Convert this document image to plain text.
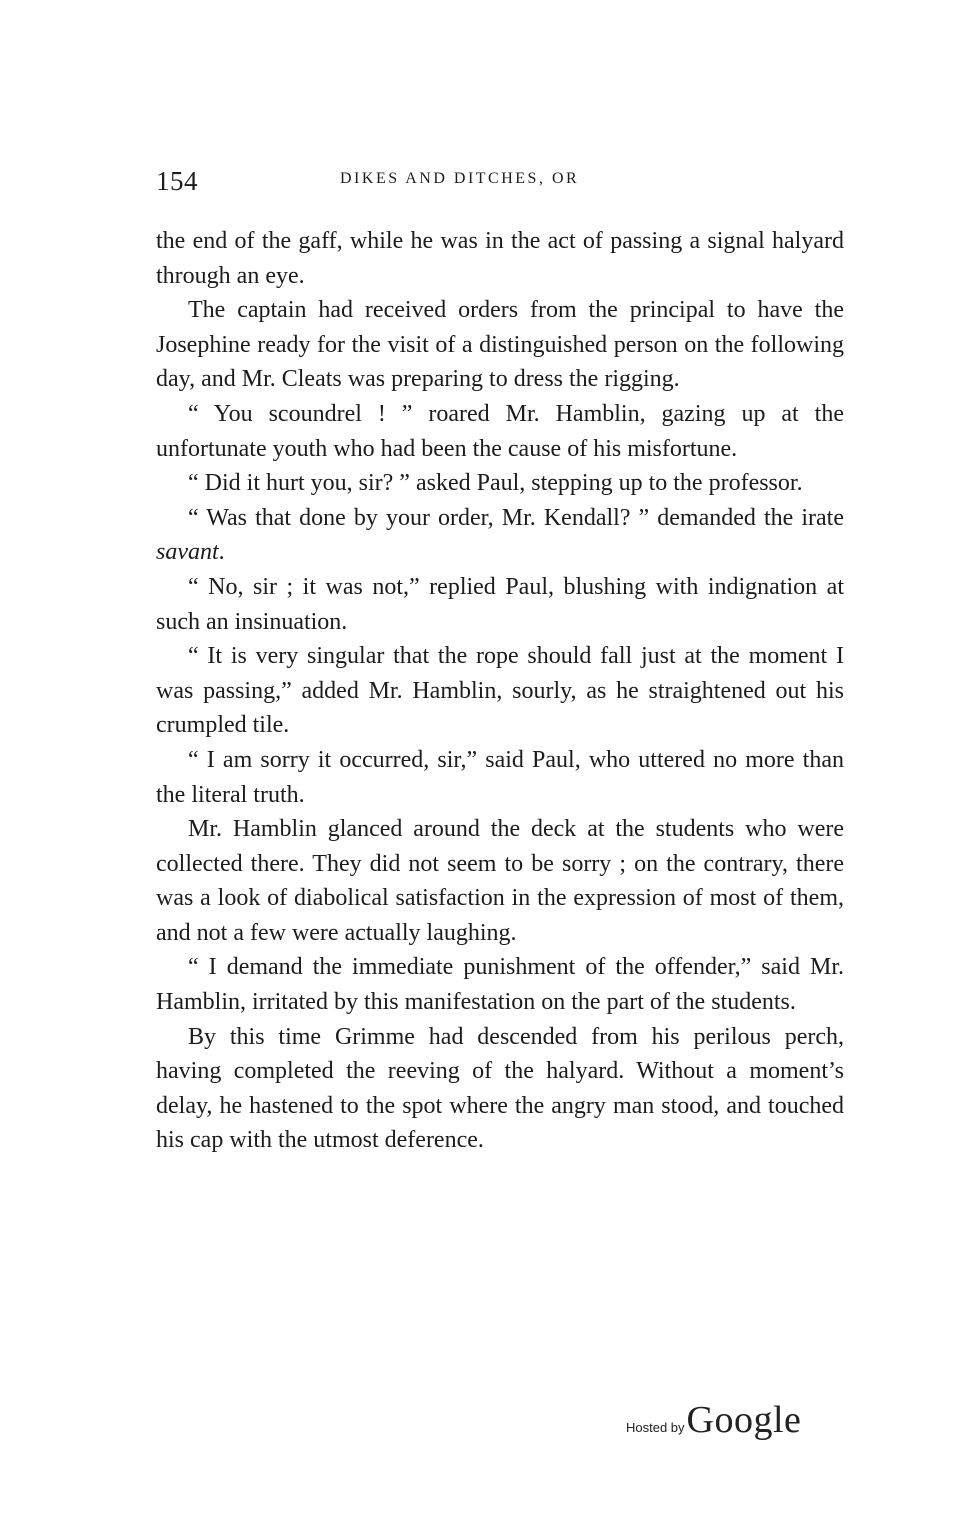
154	DIKES AND DITCHES, OR

the end of the gaff, while he was in the act of passing a signal halyard through an eye.

The captain had received orders from the principal to have the Josephine ready for the visit of a distinguished person on the following day, and Mr. Cleats was preparing to dress the rigging.

“ You scoundrel ! ” roared Mr. Hamblin, gazing up at the unfortunate youth who had been the cause of his misfortune.

“ Did it hurt you, sir? ” asked Paul, stepping up to the professor.

“ Was that done by your order, Mr. Kendall? ” demanded the irate savant.

“ No, sir ; it was not,” replied Paul, blushing with indignation at such an insinuation.

“ It is very singular that the rope should fall just at the moment I was passing,” added Mr. Hamblin, sourly, as he straightened out his crumpled tile.

“ I am sorry it occurred, sir,” said Paul, who uttered no more than the literal truth.

Mr. Hamblin glanced around the deck at the students who were collected there. They did not seem to be sorry ; on the contrary, there was a look of diabolical satisfaction in the expression of most of them, and not a few were actually laughing.

“ I demand the immediate punishment of the offender,” said Mr. Hamblin, irritated by this manifestation on the part of the students.

By this time Grimme had descended from his perilous perch, having completed the reeving of the halyard. Without a moment’s delay, he hastened to the spot where the angry man stood, and touched his cap with the utmost deference.

Hosted byGoogle
